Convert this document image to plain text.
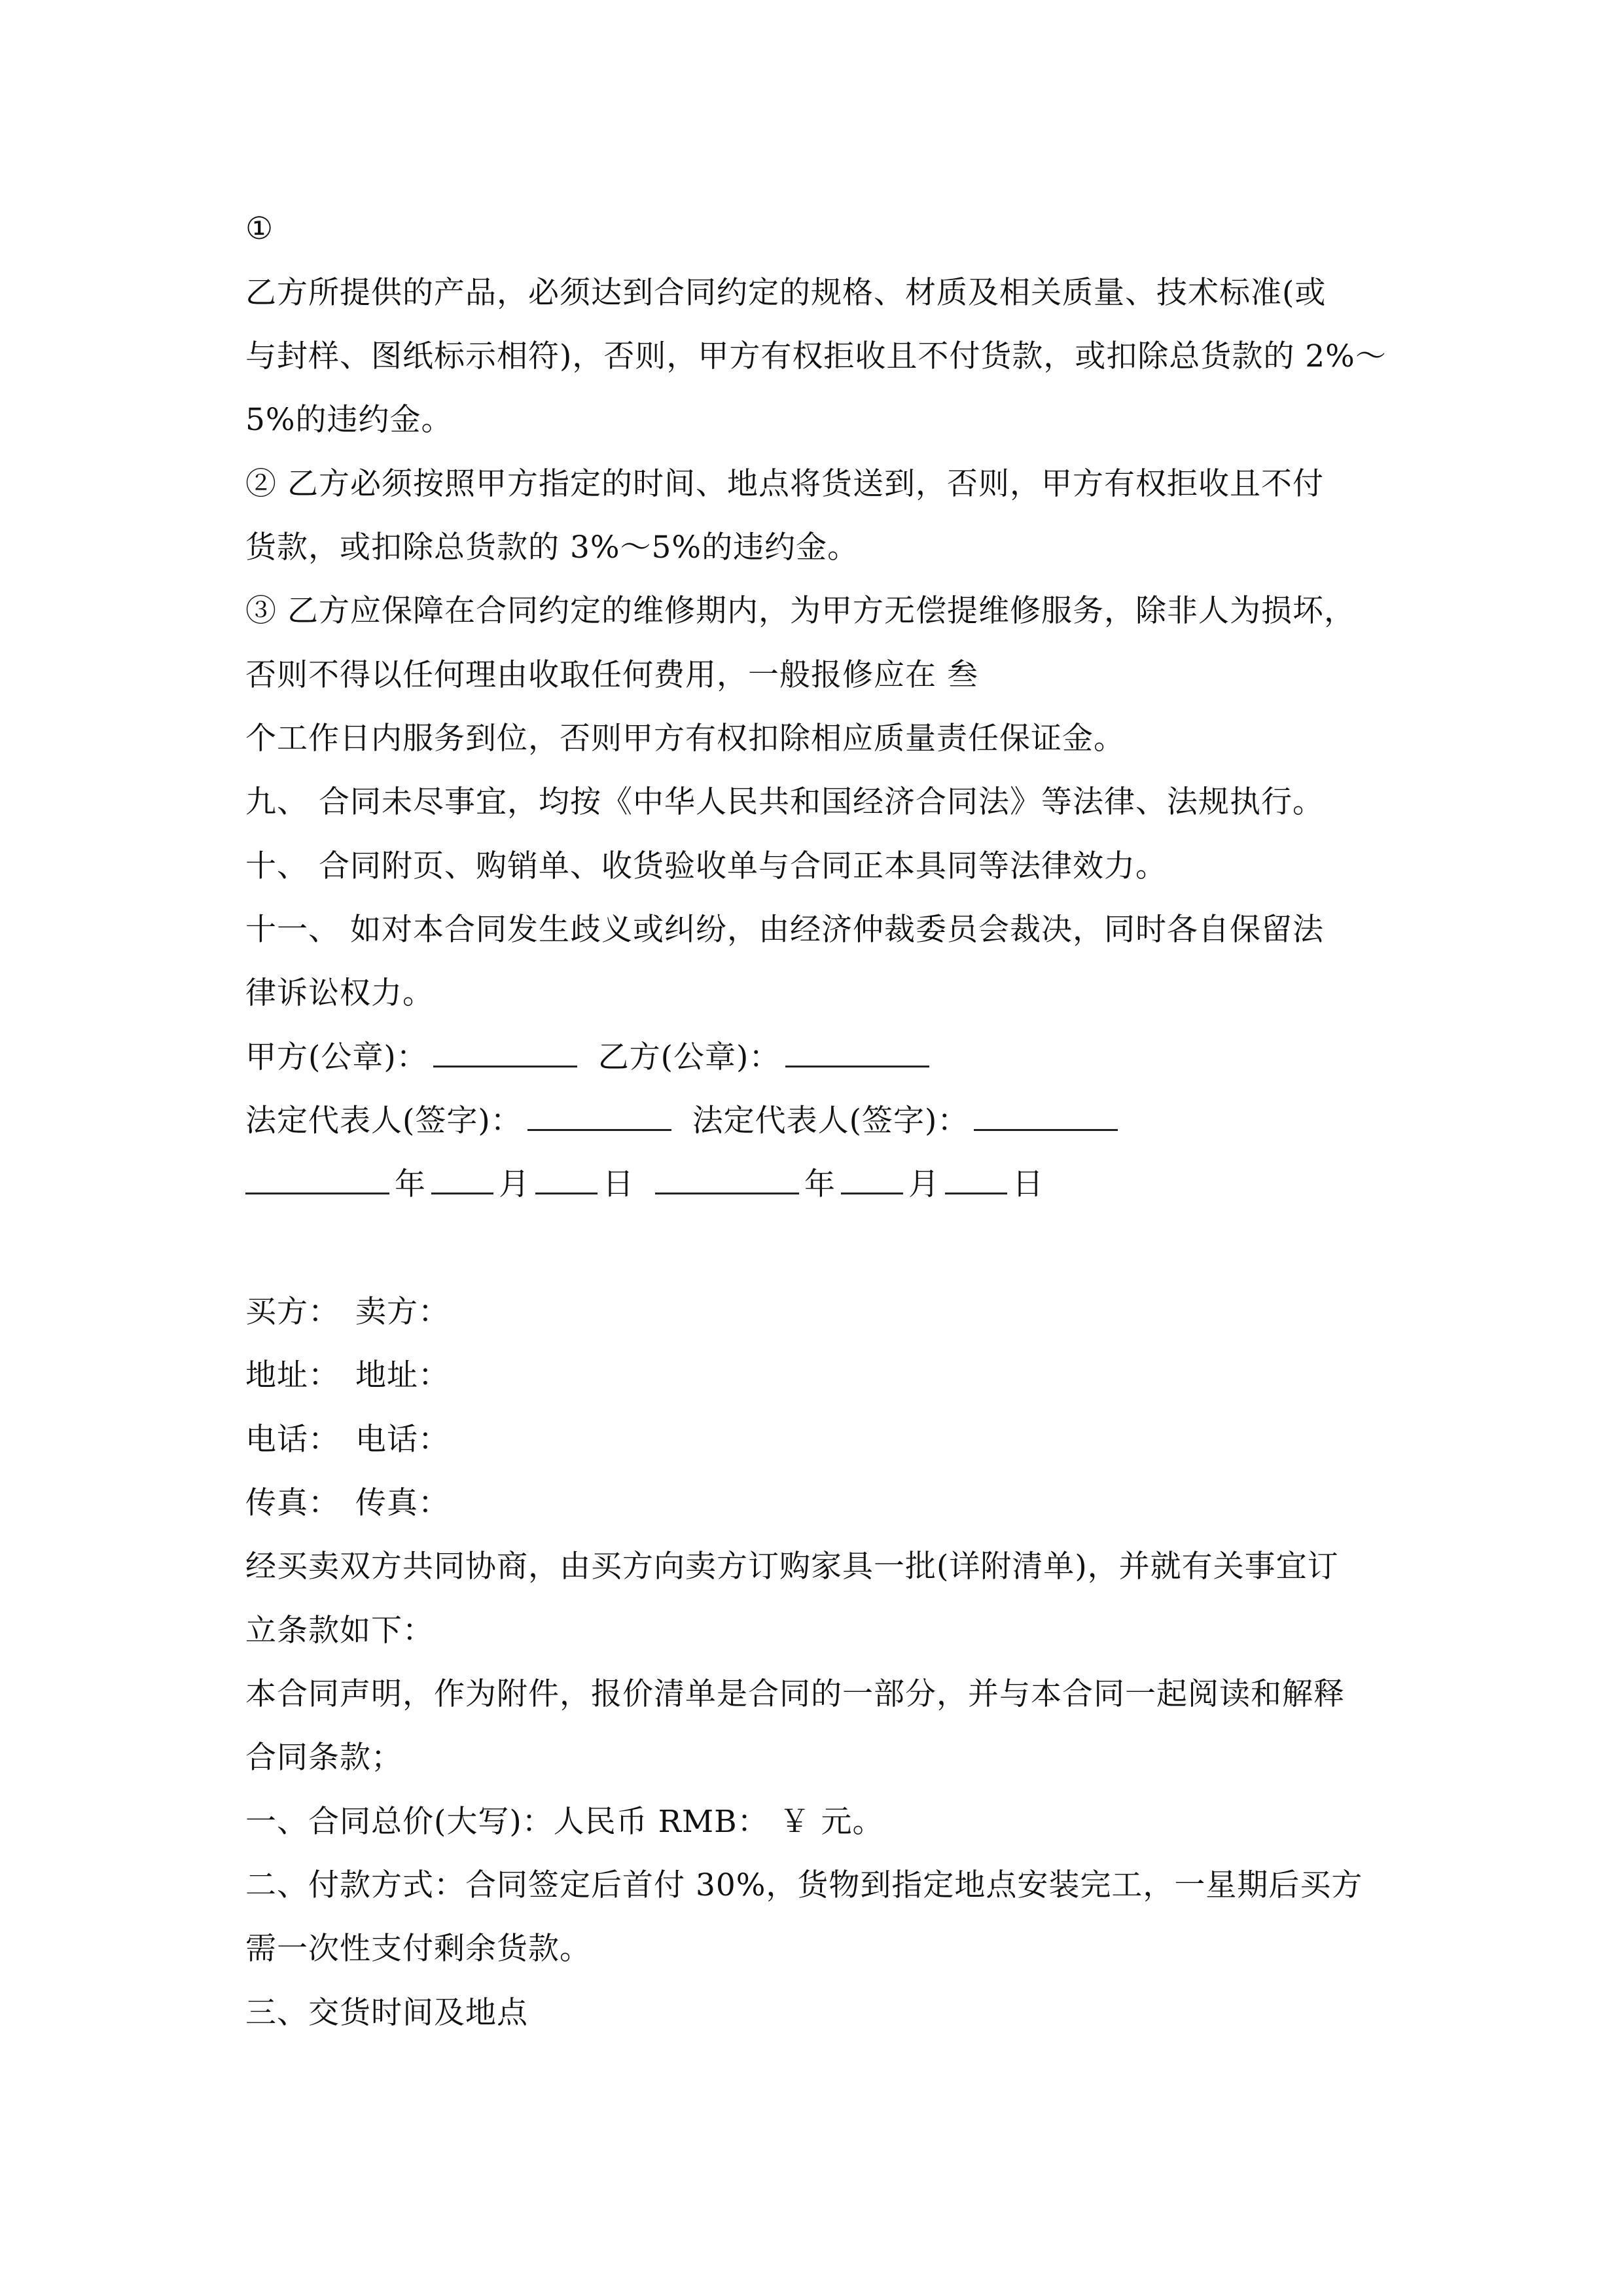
①
乙方所提供的产品，必须达到合同约定的规格、材质及相关质量、技术标准(或
与封样、图纸标示相符)，否则，甲方有权拒收且不付货款，或扣除总货款的 2%～
5%的违约金。
② 乙方必须按照甲方指定的时间、地点将货送到，否则，甲方有权拒收且不付
货款，或扣除总货款的 3%～5%的违约金。
③ 乙方应保障在合同约定的维修期内，为甲方无偿提维修服务，除非人为损坏，
否则不得以任何理由收取任何费用，一般报修应在 叁
个工作日内服务到位，否则甲方有权扣除相应质量责任保证金。
九、 合同未尽事宜，均按《中华人民共和国经济合同法》等法律、法规执行。
十、 合同附页、购销单、收货验收单与合同正本具同等法律效力。
十一、 如对本合同发生歧义或纠纷，由经济仲裁委员会裁决，同时各自保留法
律诉讼权力。
甲方(公章)：	乙方(公章)：
法定代表人(签字)：	法定代表人(签字)：
年 月 日	年 月 日
买方： 卖方：
地址： 地址：
电话： 电话：
传真： 传真：
经买卖双方共同协商，由买方向卖方订购家具一批(详附清单)，并就有关事宜订
立条款如下：
本合同声明，作为附件，报价清单是合同的一部分，并与本合同一起阅读和解释
合同条款；
一、合同总价(大写)：人民币 RMB： ￥ 元。
二、付款方式：合同签定后首付 30%，货物到指定地点安装完工，一星期后买方
需一次性支付剩余货款。
三、交货时间及地点
